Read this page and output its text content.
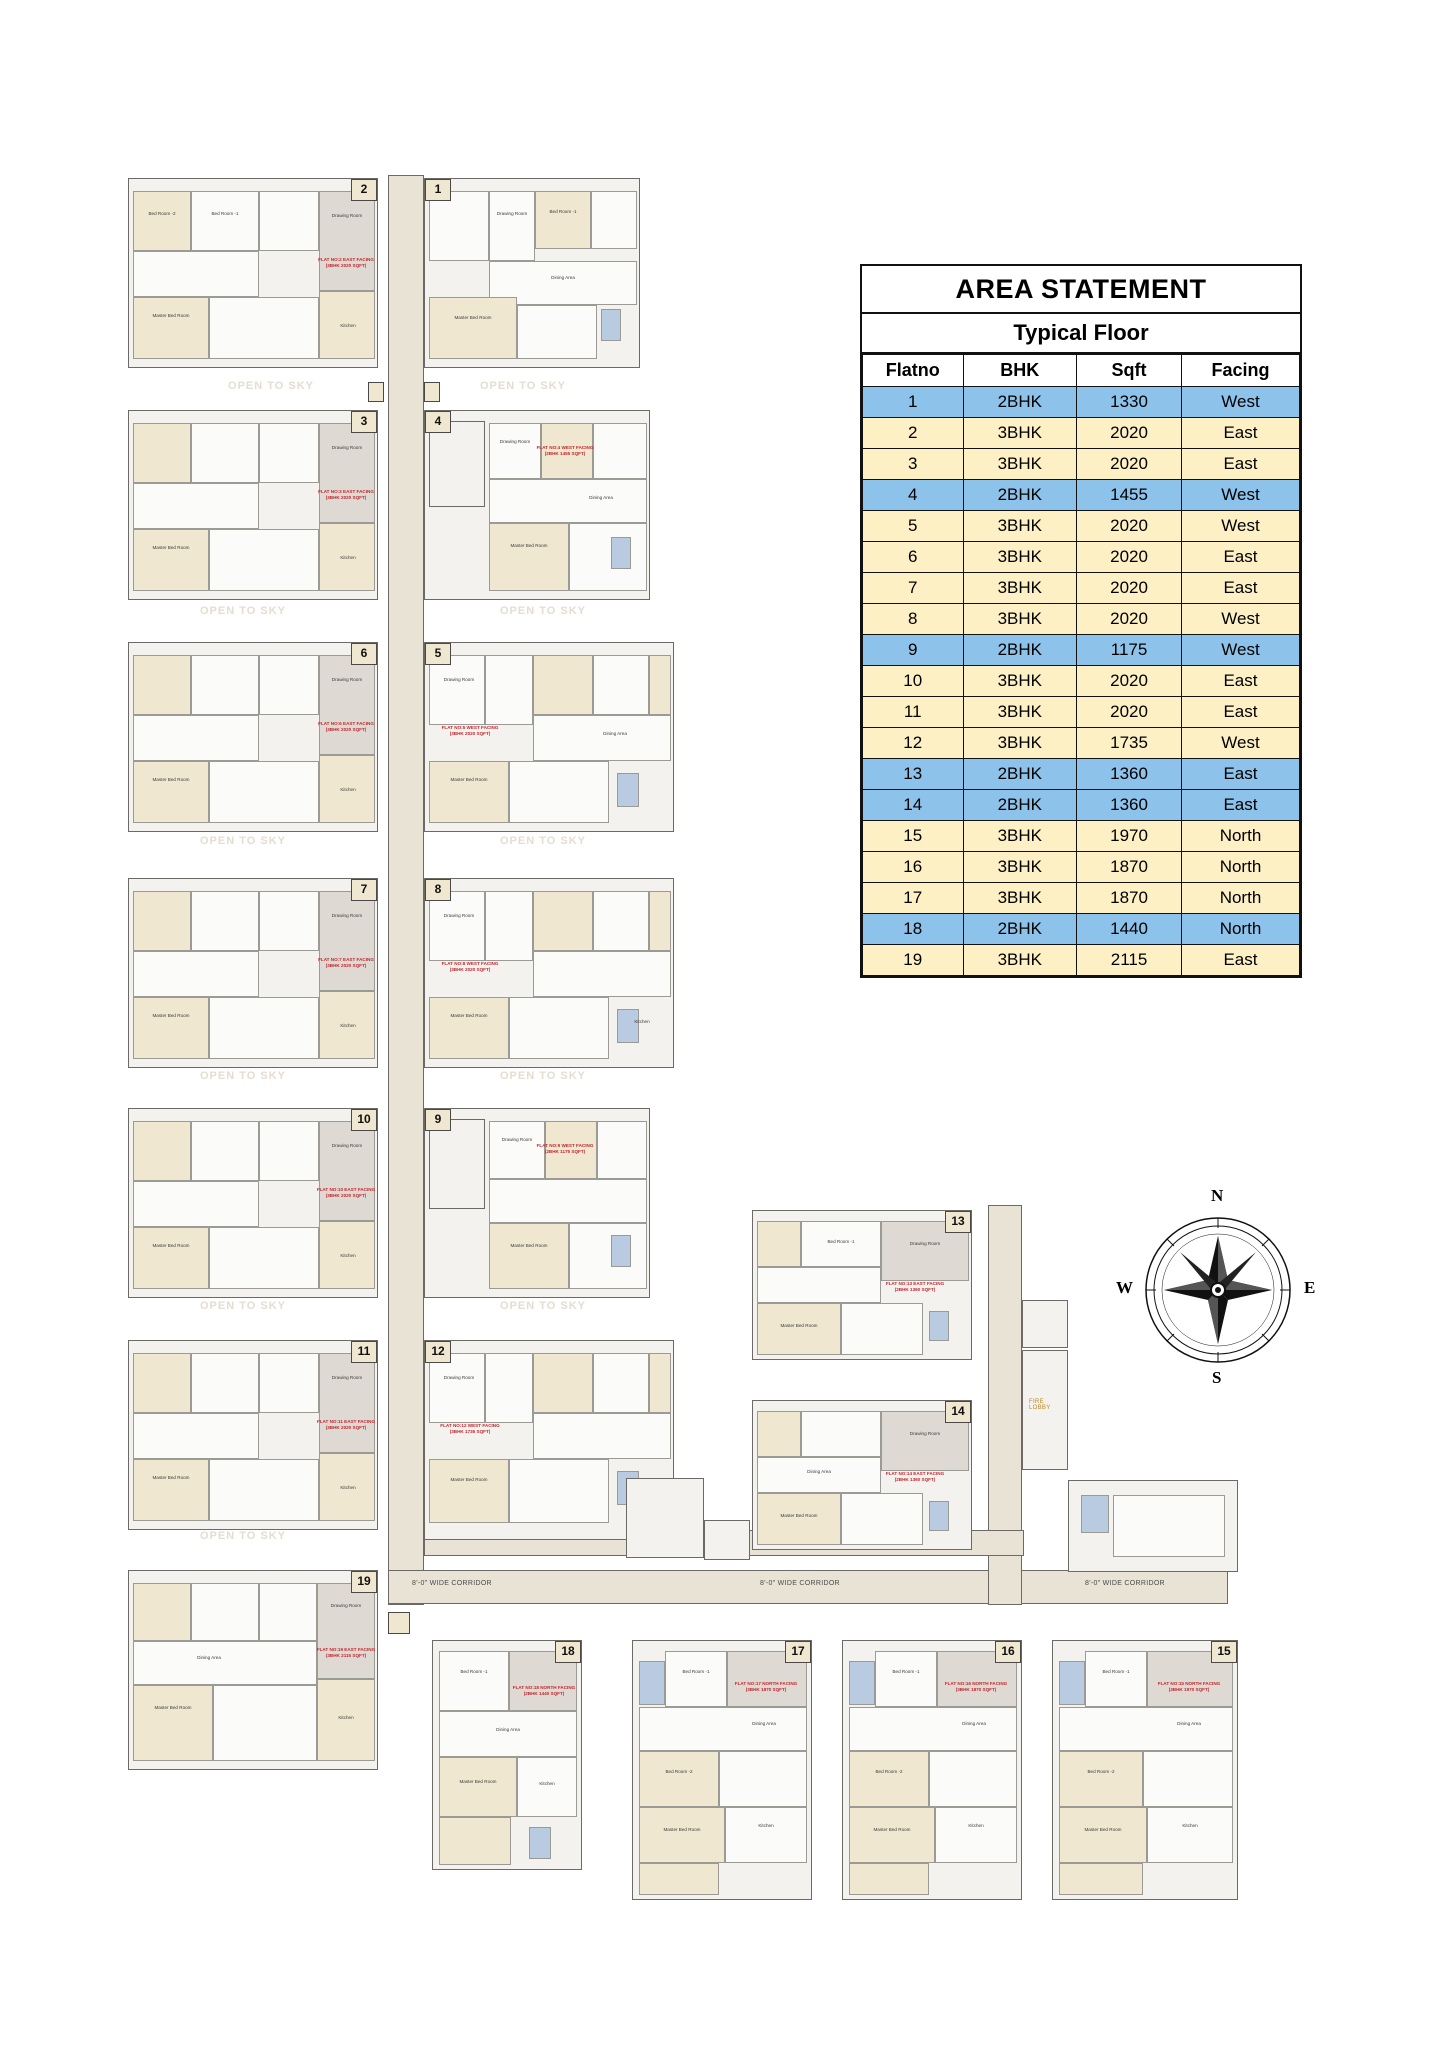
8'-0" WIDE CORRIDOR	8'-0" WIDE CORRIDOR	8'-0" WIDE CORRIDOR
OPEN TO SKY	OPEN TO SKY
OPEN TO SKY	OPEN TO SKY
OPEN TO SKY	OPEN TO SKY
OPEN TO SKY	OPEN TO SKY
OPEN TO SKY	OPEN TO SKY
OPEN TO SKY
FLAT NO:2 EAST FACING (3BHK 2020 SQFT)
Drawing Room
Master Bed Room
Bed Room -1
Bed Room -2
Kitchen
2
Drawing Room	Bed Room -1
Dining Area
Master Bed Room
1
FLAT NO:3 EAST FACING (3BHK 2020 SQFT)
Drawing Room
Master Bed Room
Kitchen
3
FLAT NO:4 WEST FACING (2BHK 1455 SQFT)
Drawing Room
Dining Area
Master Bed Room
4
FLAT NO:6 EAST FACING (3BHK 2020 SQFT)
Drawing Room
Master Bed Room
Kitchen
6
FLAT NO:5 WEST FACING (3BHK 2020 SQFT)
Drawing Room
Dining Area
Master Bed Room
5
FLAT NO:7 EAST FACING (3BHK 2020 SQFT)
Drawing Room
Master Bed Room
Kitchen
7
FLAT NO:8 WEST FACING (3BHK 2020 SQFT)
Drawing Room
Master Bed Room
Kitchen
8
FLAT NO:10 EAST FACING (3BHK 2020 SQFT)
Drawing Room
Master Bed Room
Kitchen
10
FLAT NO:9 WEST FACING (2BHK 1175 SQFT)
Drawing Room
Master Bed Room
9
FLAT NO:11 EAST FACING (3BHK 2020 SQFT)
Drawing Room
Master Bed Room
Kitchen
11
FLAT NO:12 WEST FACING (3BHK 1735 SQFT)
Drawing Room
Master Bed Room
12
FLAT NO:19 EAST FACING (3BHK 2115 SQFT)
Drawing Room
Dining Area
Master Bed Room
Kitchen
19
FLAT NO:13 EAST FACING (2BHK 1360 SQFT)
Drawing Room
Master Bed Room
Bed Room -1
13
FLAT NO:14 EAST FACING (2BHK 1360 SQFT)
Drawing Room
Master Bed Room
Dining Area
14
FIRE LOBBY
FLAT NO:18 NORTH FACING (2BHK 1440 SQFT)
Bed Room -1
Dining Area
Master Bed Room	Kitchen
18
FLAT NO:17 NORTH FACING (3BHK 1870 SQFT)
Bed Room -1
Dining Area
Bed Room -2
Kitchen
Master Bed Room
17
FLAT NO:16 NORTH FACING (3BHK 1870 SQFT)
Bed Room -1
Dining Area
Bed Room -2
Kitchen
Master Bed Room
16
FLAT NO:15 NORTH FACING (3BHK 1970 SQFT)
Bed Room -1
Dining Area
Bed Room -2
Kitchen
Master Bed Room
15
AREA STATEMENT
Typical Floor
Flatno	BHK	Sqft	Facing
1	2BHK	1330	West
2	3BHK	2020	East
3	3BHK	2020	East
4	2BHK	1455	West
5	3BHK	2020	West
6	3BHK	2020	East
7	3BHK	2020	East
8	3BHK	2020	West
9	2BHK	1175	West
10	3BHK	2020	East
11	3BHK	2020	East
12	3BHK	1735	West
13	2BHK	1360	East
14	2BHK	1360	East
15	3BHK	1970	North
16	3BHK	1870	North
17	3BHK	1870	North
18	2BHK	1440	North
19	3BHK	2115	East
N
S
E
W
